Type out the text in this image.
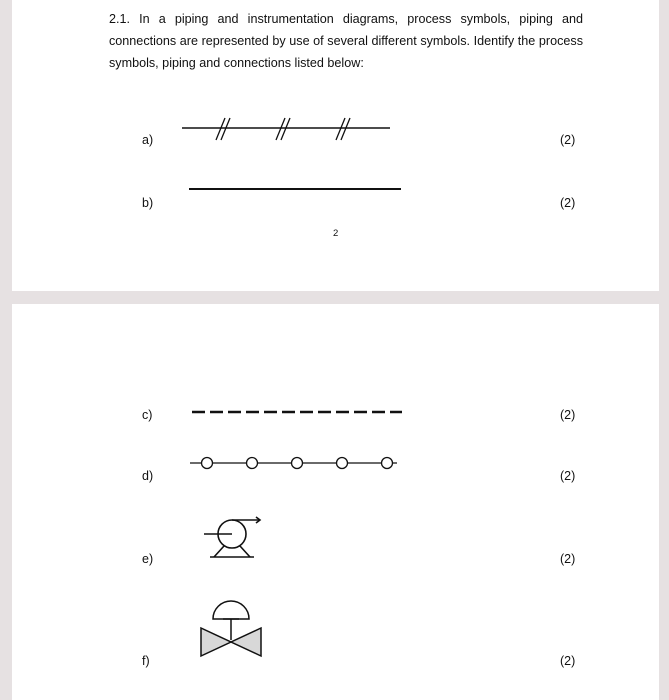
2.1. In a piping and instrumentation diagrams, process symbols, piping and connections are represented by use of several different symbols. Identify the process symbols, piping and connections listed below:

a)	(2)
b)	(2)
2
c)	(2)
d)	(2)
e)	(2)
f)	(2)
